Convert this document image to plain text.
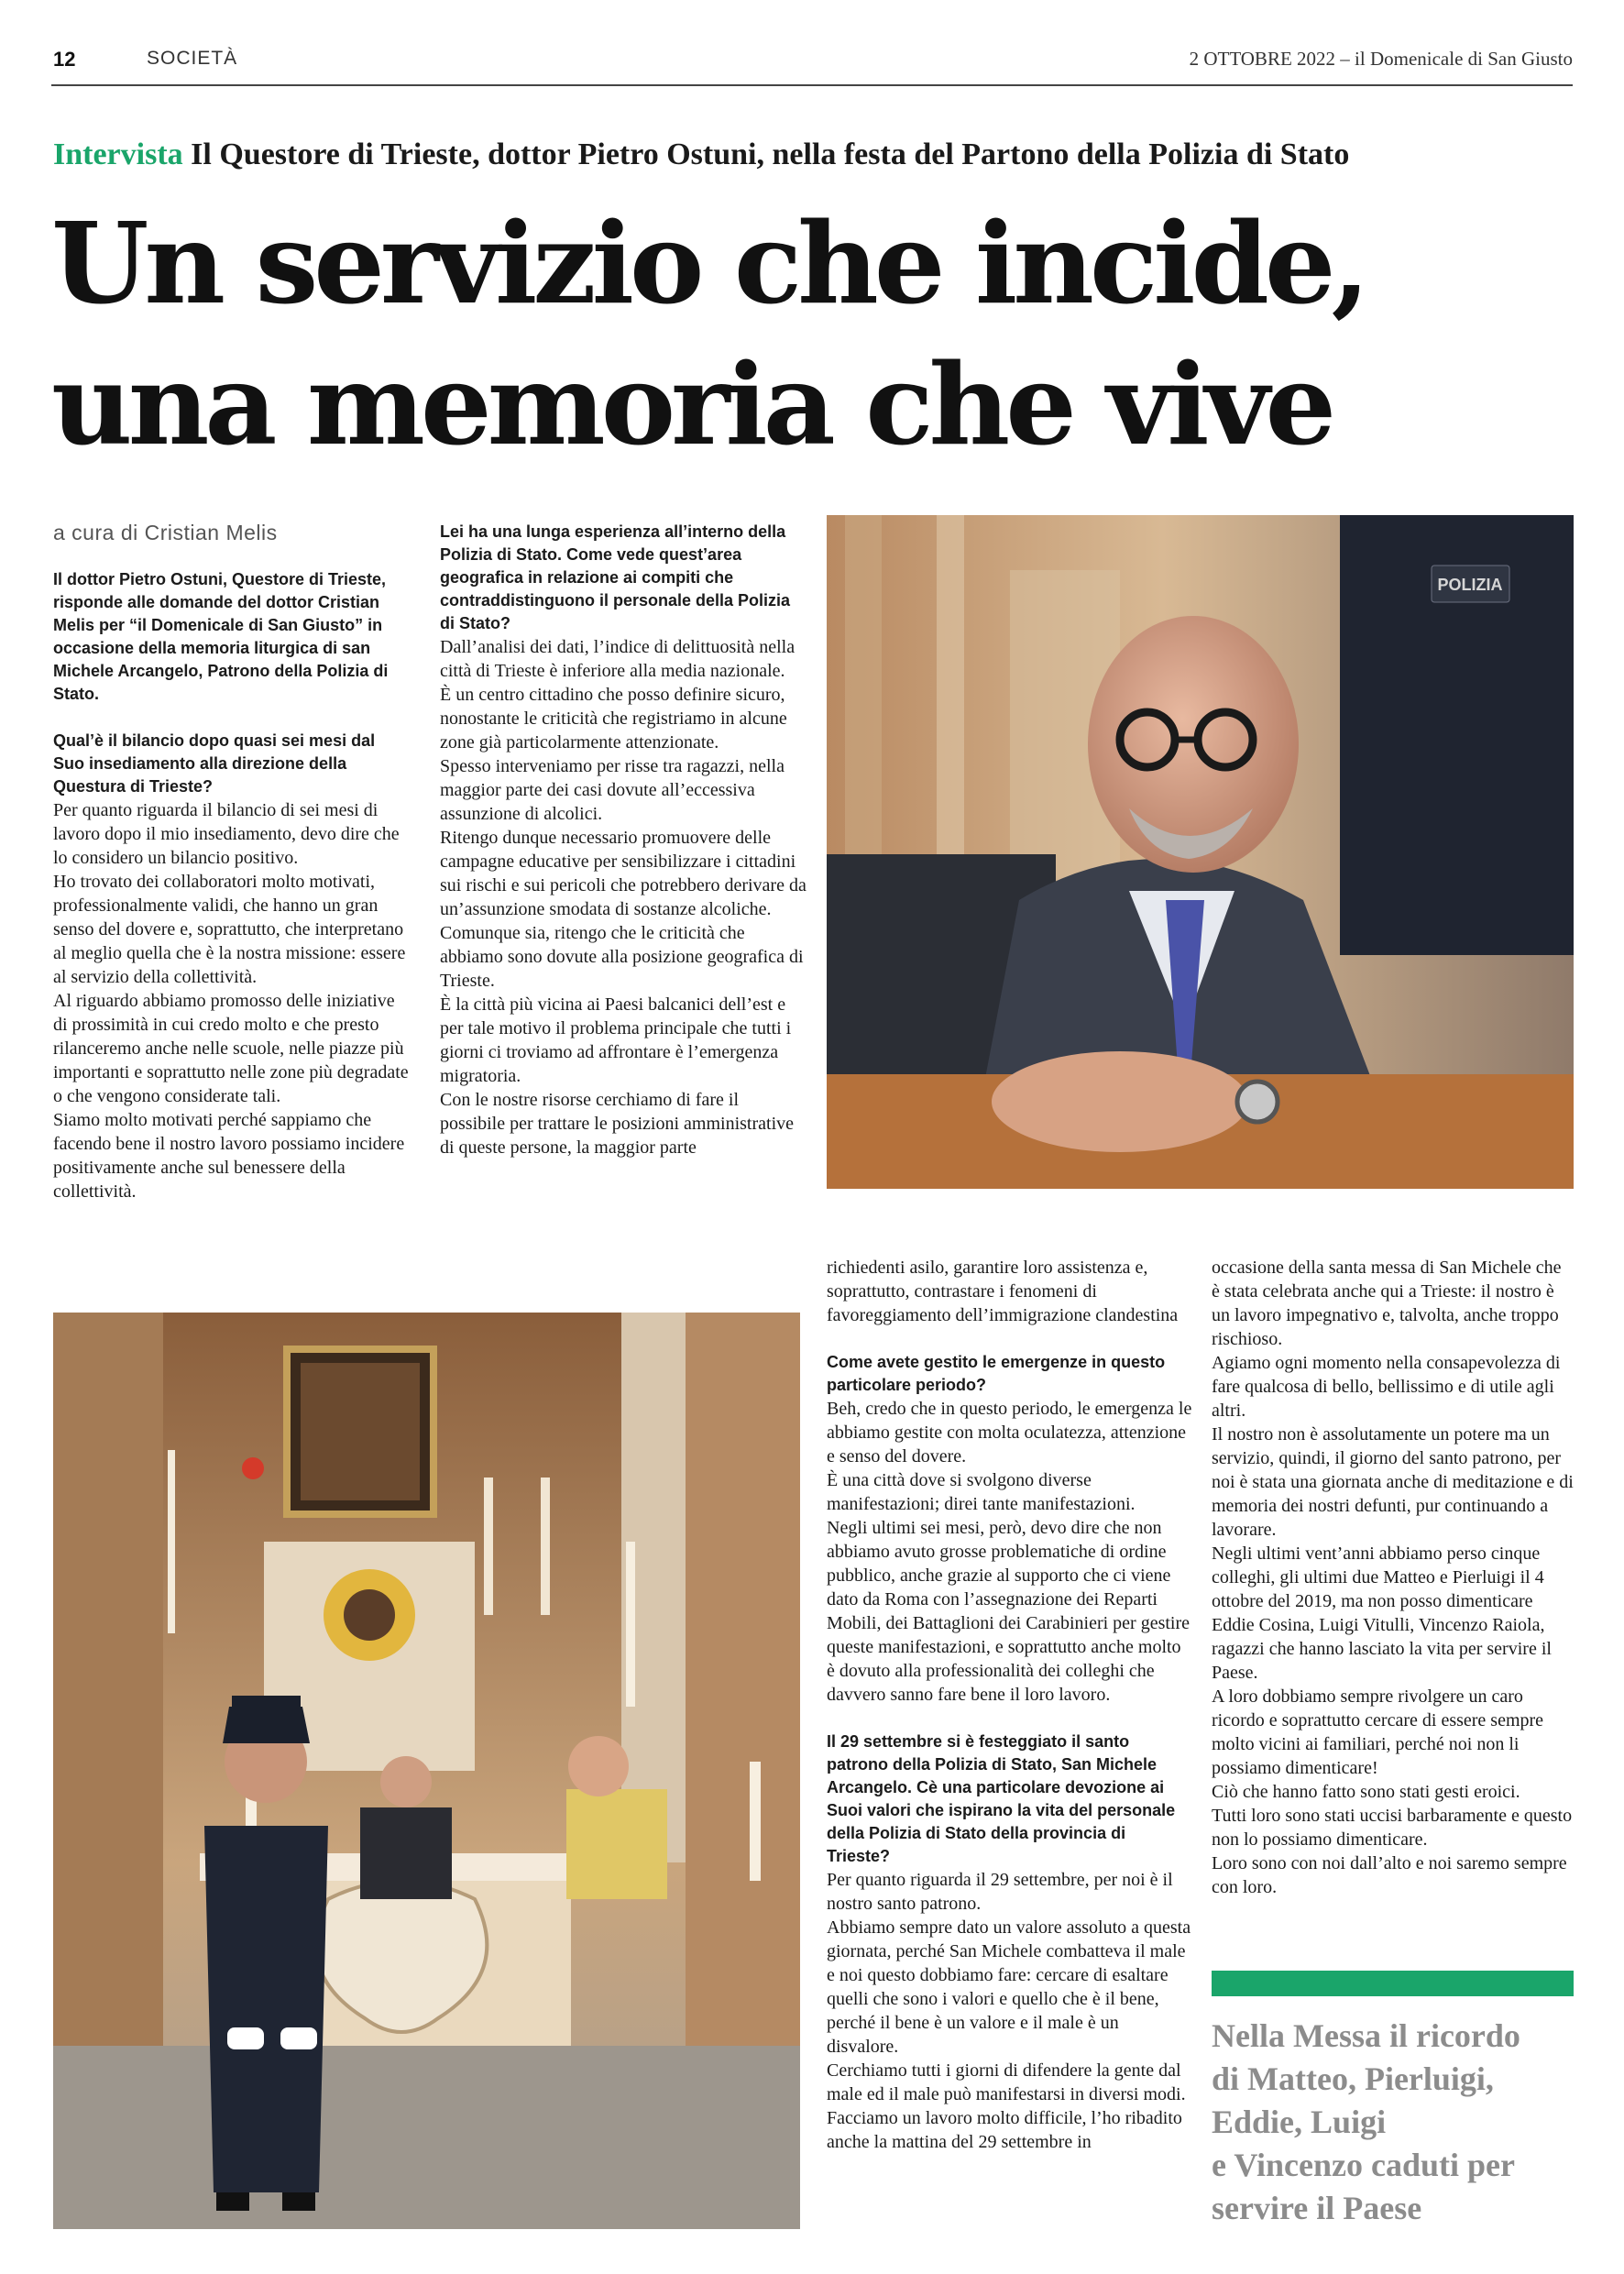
12	SOCIETÀ	2 OTTOBRE 2022 – il Domenicale di San Giusto
Intervista Il Questore di Trieste, dottor Pietro Ostuni, nella festa del Partono della Polizia di Stato
Un servizio che incide,
una memoria che vive
a cura di Cristian Melis

Il dottor Pietro Ostuni, Questore di Trieste, risponde alle domande del dottor Cristian Melis per “il Domenicale di San Giusto” in occasione della memoria liturgica di san Michele Arcangelo, Patrono della Polizia di Stato.

Qual’è il bilancio dopo quasi sei mesi dal Suo insediamento alla direzione della Questura di Trieste?

Per quanto riguarda il bilancio di sei mesi di lavoro dopo il mio insediamento, devo dire che lo considero un bilancio positivo.

Ho trovato dei collaboratori molto motivati, professionalmente validi, che hanno un gran senso del dovere e, soprattutto, che interpretano al meglio quella che è la nostra missione: essere al servizio della collettività.

Al riguardo abbiamo promosso delle iniziative di prossimità in cui credo molto e che presto rilanceremo anche nelle scuole, nelle piazze più importanti e soprattutto nelle zone più degradate o che vengono considerate tali.

Siamo molto motivati perché sappiamo che facendo bene il nostro lavoro possiamo incidere positivamente anche sul benessere della collettività.

Lei ha una lunga esperienza all’interno della Polizia di Stato. Come vede quest’area geografica in relazione ai compiti che contraddistinguono il personale della Polizia di Stato?

Dall’analisi dei dati, l’indice di delittuosità nella città di Trieste è inferiore alla media nazionale.

È un centro cittadino che posso definire sicuro, nonostante le criticità che registriamo in alcune zone già particolarmente attenzionate.

Spesso interveniamo per risse tra ragazzi, nella maggior parte dei casi dovute all’eccessiva assunzione di alcolici.

Ritengo dunque necessario promuovere delle campagne educative per sensibilizzare i cittadini sui rischi e sui pericoli che potrebbero derivare da un’assunzione smodata di sostanze alcoliche.

Comunque sia, ritengo che le criticità che abbiamo sono dovute alla posizione geografica di Trieste.

È la città più vicina ai Paesi balcanici dell’est e per tale motivo il problema principale che tutti i giorni ci troviamo ad affrontare è l’emergenza migratoria.

Con le nostre risorse cerchiamo di fare il possibile per trattare le posizioni amministrative di queste persone, la maggior parte

POLIZIA

richiedenti asilo, garantire loro assistenza e, soprattutto, contrastare i fenomeni di favoreggiamento dell’immigrazione clandestina

Come avete gestito le emergenze in questo particolare periodo?

Beh, credo che in questo periodo, le emergenza le abbiamo gestite con molta oculatezza, attenzione e senso del dovere.

È una città dove si svolgono diverse manifestazioni; direi tante manifestazioni.

Negli ultimi sei mesi, però, devo dire che non abbiamo avuto grosse problematiche di ordine pubblico, anche grazie al supporto che ci viene dato da Roma con l’assegnazione dei Reparti Mobili, dei Battaglioni dei Carabinieri per gestire queste manifestazioni, e soprattutto anche molto è dovuto alla professionalità dei colleghi che davvero sanno fare bene il loro lavoro.

Il 29 settembre si è festeggiato il santo patrono della Polizia di Stato, San Michele Arcangelo. Cè una particolare devozione ai Suoi valori che ispirano la vita del personale della Polizia di Stato della provincia di Trieste?

Per quanto riguarda il 29 settembre, per noi è il nostro santo patrono.

Abbiamo sempre dato un valore assoluto a questa giornata, perché San Michele combatteva il male e noi questo dobbiamo fare: cercare di esaltare quelli che sono i valori e quello che è il bene, perché il bene è un valore e il male è un disvalore.

Cerchiamo tutti i giorni di difendere la gente dal male ed il male può manifestarsi in diversi modi.

Facciamo un lavoro molto difficile, l’ho ribadito anche la mattina del 29 settembre in

occasione della santa messa di San Michele che è stata celebrata anche qui a Trieste: il nostro è un lavoro impegnativo e, talvolta, anche troppo rischioso.

Agiamo ogni momento nella consapevolezza di fare qualcosa di bello, bellissimo e di utile agli altri.

Il nostro non è assolutamente un potere ma un servizio, quindi, il giorno del santo patrono, per noi è stata una giornata anche di meditazione e di memoria dei nostri defunti, pur continuando a lavorare.

Negli ultimi vent’anni abbiamo perso cinque colleghi, gli ultimi due Matteo e Pierluigi il 4 ottobre del 2019, ma non posso dimenticare Eddie Cosina, Luigi Vitulli, Vincenzo Raiola, ragazzi che hanno lasciato la vita per servire il Paese.

A loro dobbiamo sempre rivolgere un caro ricordo e soprattutto cercare di essere sempre molto vicini ai familiari, perché noi non li possiamo dimenticare!

Ciò che hanno fatto sono stati gesti eroici.

Tutti loro sono stati uccisi barbaramente e questo non lo possiamo dimenticare.

Loro sono con noi dall’alto e noi saremo sempre con loro.

Nella Messa il ricordo
di Matteo, Pierluigi,
Eddie, Luigi
e Vincenzo caduti per
servire il Paese
